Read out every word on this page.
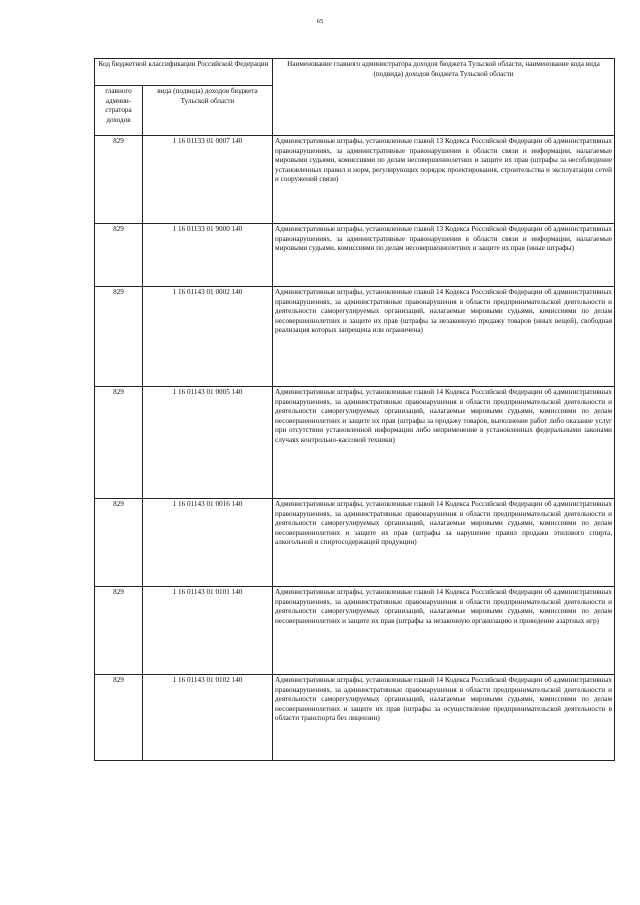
65
Код бюджетной классификации Российской Федерации		Наименование главного администратора доходов бюджета Тульской области, наименование кода вида (подвида) доходов бюджета Тульской области
главного админи-стратора доходов	вида (подвида) доходов бюджета Тульской области	
829	1 16 01133 01 0007 140	Административные штрафы, установленные главой 13 Кодекса Российской Федерации об административных правонарушениях, за административные правонарушения в области связи и информации, налагаемые мировыми судьями, комиссиями по делам несовершеннолетних и защите их прав (штрафы за несоблюдение установленных правил и норм, регулирующих порядок проектирования, строительства и эксплуатации сетей и сооружений связи)
829	1 16 01133 01 9000 140	Административные штрафы, установленные главой 13 Кодекса Российской Федерации об административных правонарушениях, за административные правонарушения в области связи и информации, налагаемые мировыми судьями, комиссиями по делам несовершеннолетних и защите их прав (иные штрафы)
829	1 16 01143 01 0002 140	Административные штрафы, установленные главой 14 Кодекса Российской Федерации об административных правонарушениях, за административные правонарушения в области предпринимательской деятельности и деятельности саморегулируемых организаций, налагаемые мировыми судьями, комиссиями по делам несовершеннолетних и защите их прав (штрафы за незаконную продажу товаров (иных вещей), свободная реализация которых запрещена или ограничена)
829	1 16 01143 01 0005 140	Административные штрафы, установленные главой 14 Кодекса Российской Федерации об административных правонарушениях, за административные правонарушения в области предпринимательской деятельности и деятельности саморегулируемых организаций, налагаемые мировыми судьями, комиссиями по делам несовершеннолетних и защите их прав (штрафы за продажу товаров, выполнение работ либо оказание услуг при отсутствии установленной информации либо неприменение в установленных федеральными законами случаях контрольно-кассовой техники)
829	1 16 01143 01 0016 140	Административные штрафы, установленные главой 14 Кодекса Российской Федерации об административных правонарушениях, за административные правонарушения в области предпринимательской деятельности и деятельности саморегулируемых организаций, налагаемые мировыми судьями, комиссиями по делам несовершеннолетних и защите их прав (штрафы за нарушение правил продажи этилового спирта, алкогольной и спиртосодержащей продукции)
829	1 16 01143 01 0101 140	Административные штрафы, установленные главой 14 Кодекса Российской Федерации об административных правонарушениях, за административные правонарушения в области предпринимательской деятельности и деятельности саморегулируемых организаций, налагаемые мировыми судьями, комиссиями по делам несовершеннолетних и защите их прав (штрафы за незаконную организацию и проведение азартных игр)
829	1 16 01143 01 0102 140	Административные штрафы, установленные главой 14 Кодекса Российской Федерации об административных правонарушениях, за административные правонарушения в области предпринимательской деятельности и деятельности саморегулируемых организаций, налагаемые мировыми судьями, комиссиями по делам несовершеннолетних и защите их прав (штрафы за осуществление предпринимательской деятельности в области транспорта без лицензии)
